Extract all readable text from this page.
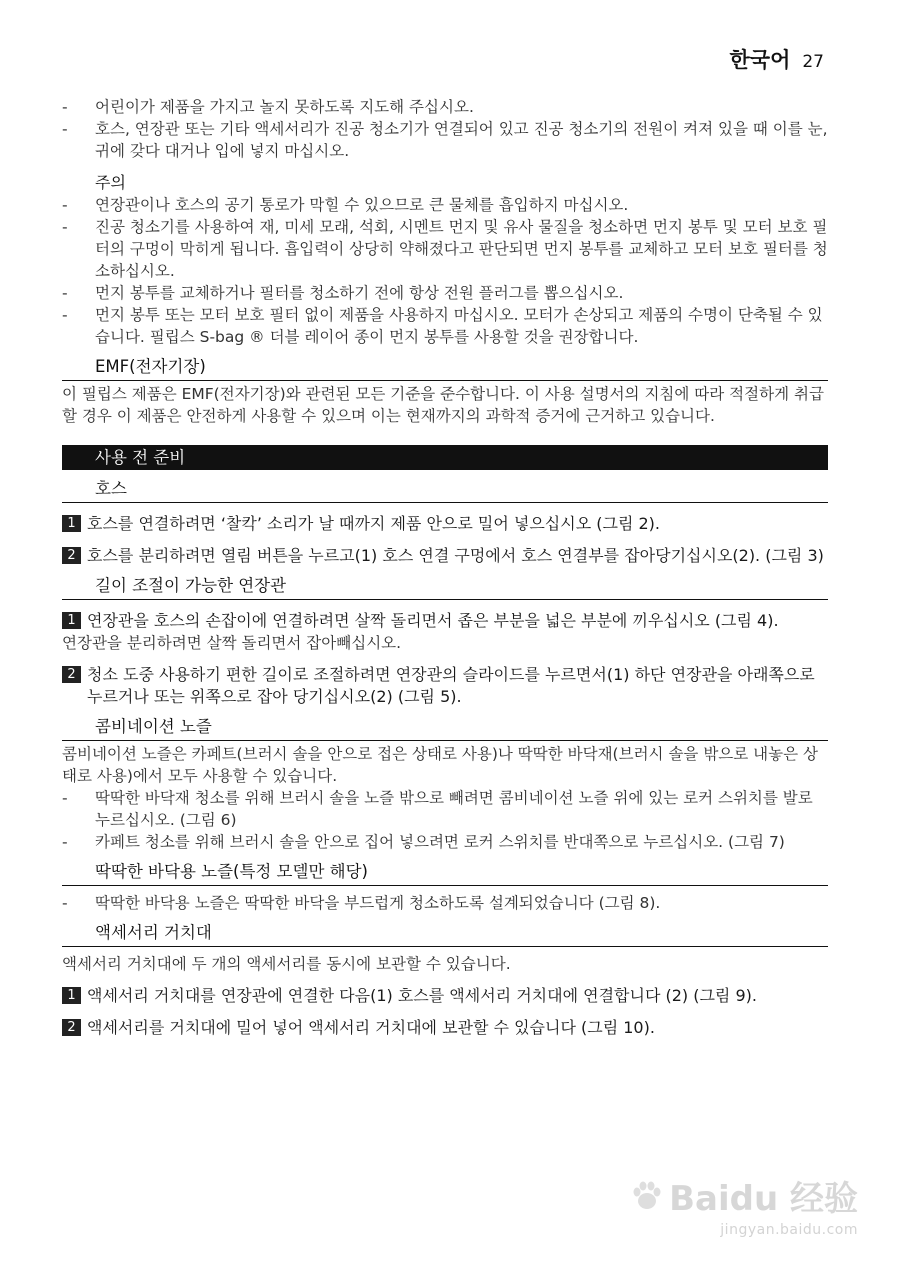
한국어 27
-	어린이가 제품을 가지고 놀지 못하도록 지도해 주십시오.
-	호스, 연장관 또는 기타 액세서리가 진공 청소기가 연결되어 있고 진공 청소기의 전원이 켜져 있을 때 이를 눈, 귀에 갖다 대거나 입에 넣지 마십시오.
주의
-	연장관이나 호스의 공기 통로가 막힐 수 있으므로 큰 물체를 흡입하지 마십시오.
-	진공 청소기를 사용하여 재, 미세 모래, 석회, 시멘트 먼지 및 유사 물질을 청소하면 먼지 봉투 및 모터 보호 필터의 구멍이 막히게 됩니다. 흡입력이 상당히 약해졌다고 판단되면 먼지 봉투를 교체하고 모터 보호 필터를 청소하십시오.
-	먼지 봉투를 교체하거나 필터를 청소하기 전에 항상 전원 플러그를 뽑으십시오.
-	먼지 봉투 또는 모터 보호 필터 없이 제품을 사용하지 마십시오. 모터가 손상되고 제품의 수명이 단축될 수 있습니다. 필립스 S-bag ® 더블 레이어 종이 먼지 봉투를 사용할 것을 권장합니다.
EMF(전자기장)
이 필립스 제품은 EMF(전자기장)와 관련된 모든 기준을 준수합니다. 이 사용 설명서의 지침에 따라 적절하게 취급할 경우 이 제품은 안전하게 사용할 수 있으며 이는 현재까지의 과학적 증거에 근거하고 있습니다.
사용 전 준비
호스
1 호스를 연결하려면 ‘찰칵’ 소리가 날 때까지 제품 안으로 밀어 넣으십시오 (그림 2).
2 호스를 분리하려면 열림 버튼을 누르고(1) 호스 연결 구멍에서 호스 연결부를 잡아당기십시오(2). (그림 3)
길이 조절이 가능한 연장관
1 연장관을 호스의 손잡이에 연결하려면 살짝 돌리면서 좁은 부분을 넓은 부분에 끼우십시오 (그림 4).
연장관을 분리하려면 살짝 돌리면서 잡아빼십시오.
2 청소 도중 사용하기 편한 길이로 조절하려면 연장관의 슬라이드를 누르면서(1) 하단 연장관을 아래쪽으로 누르거나 또는 위쪽으로 잡아 당기십시오(2) (그림 5).
콤비네이션 노즐
콤비네이션 노즐은 카페트(브러시 솔을 안으로 접은 상태로 사용)나 딱딱한 바닥재(브러시 솔을 밖으로 내놓은 상태로 사용)에서 모두 사용할 수 있습니다.
-	딱딱한 바닥재 청소를 위해 브러시 솔을 노즐 밖으로 빼려면 콤비네이션 노즐 위에 있는 로커 스위치를 발로 누르십시오. (그림 6)
-	카페트 청소를 위해 브러시 솔을 안으로 집어 넣으려면 로커 스위치를 반대쪽으로 누르십시오. (그림 7)
딱딱한 바닥용 노즐(특정 모델만 해당)
-	딱딱한 바닥용 노즐은 딱딱한 바닥을 부드럽게 청소하도록 설계되었습니다 (그림 8).
액세서리 거치대
액세서리 거치대에 두 개의 액세서리를 동시에 보관할 수 있습니다.
1 액세서리 거치대를 연장관에 연결한 다음(1) 호스를 액세서리 거치대에 연결합니다 (2) (그림 9).
2 액세서리를 거치대에 밀어 넣어 액세서리 거치대에 보관할 수 있습니다 (그림 10).
Baidu 经验
jingyan.baidu.com
